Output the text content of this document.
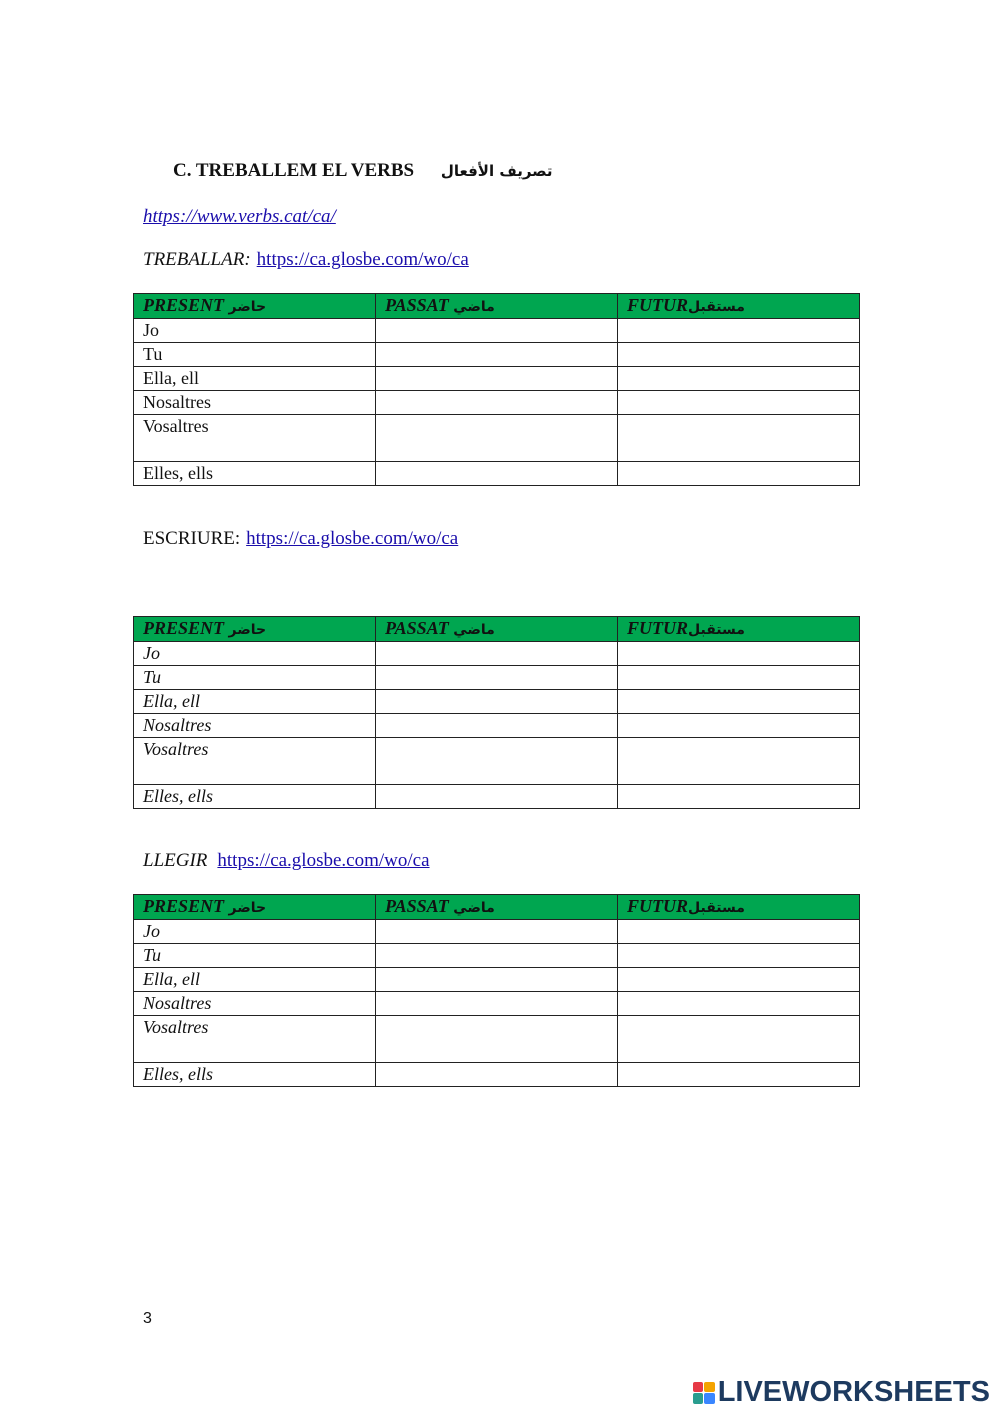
C. TREBALLEM EL VERBS تصريف الأفعال
https://www.verbs.cat/ca/
TREBALLAR: https://ca.glosbe.com/wo/ca
PRESENT حاضر	PASSAT ماضي	FUTURمستقبل
Jo		
Tu		
Ella, ell		
Nosaltres		
Vosaltres		
Elles, ells		
ESCRIURE: https://ca.glosbe.com/wo/ca
PRESENT حاضر	PASSAT ماضي	FUTURمستقبل
Jo		
Tu		
Ella, ell		
Nosaltres		
Vosaltres		
Elles, ells		
LLEGIR https://ca.glosbe.com/wo/ca
PRESENT حاضر	PASSAT ماضي	FUTURمستقبل
Jo		
Tu		
Ella, ell		
Nosaltres		
Vosaltres		
Elles, ells		
3
LIVEWORKSHEETS
